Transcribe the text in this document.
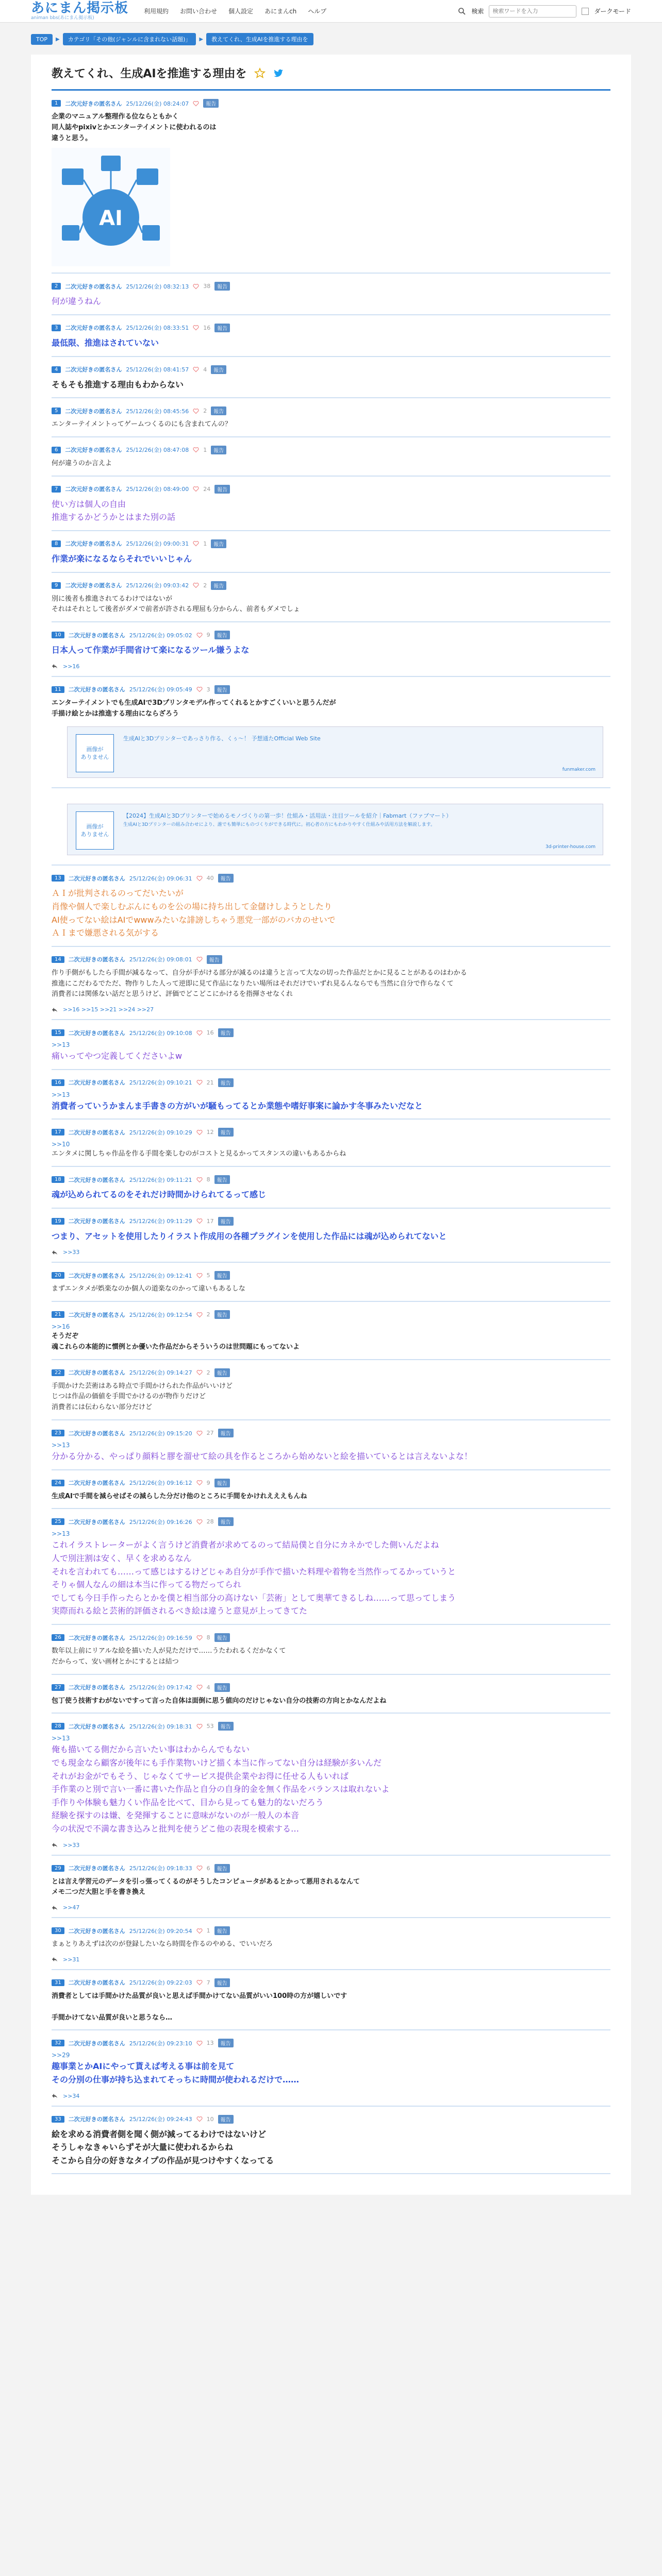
あにまん掲示板
animan bbs(あにまん掲示板)
利用規約 お問い合わせ 個人設定 あにまんch ヘルプ	検索
検索ワードを入力	ダークモード
TOP	▶	カテゴリ「その他(ジャンルに含まれない話題)」	▶	教えてくれ、生成AIを推進する理由を
教えてくれ、生成AIを推進する理由を
1	二次元好きの匿名さん 25/12/26(金) 08:24:07	報告
企業のマニュアル整理作る位ならともかく
同人誌やpixivとかエンターテイメントに使われるのは
違うと思う。
AI
2	二次元好きの匿名さん 25/12/26(金) 08:32:13	38	報告
何が違うねん
3	二次元好きの匿名さん 25/12/26(金) 08:33:51	16	報告
最低限、推進はされていない
4	二次元好きの匿名さん 25/12/26(金) 08:41:57	4	報告
そもそも推進する理由もわからない
5	二次元好きの匿名さん 25/12/26(金) 08:45:56	2	報告
エンターテイメントってゲームつくるのにも含まれてんの？
6	二次元好きの匿名さん 25/12/26(金) 08:47:08	1	報告
何が違うのか言えよ
7	二次元好きの匿名さん 25/12/26(金) 08:49:00	24	報告
使い方は個人の自由
推進するかどうかとはまた別の話
8	二次元好きの匿名さん 25/12/26(金) 09:00:31	1	報告
作業が楽になるならそれでいいじゃん
9	二次元好きの匿名さん 25/12/26(金) 09:03:42	2	報告
別に後者も推進されてるわけではないが
それはそれとして後者がダメで前者が許される理屈も分からん、前者もダメでしょ
10	二次元好きの匿名さん 25/12/26(金) 09:05:02	9	報告
日本人って作業が手間省けて楽になるツール嫌うよな
>>16
11	二次元好きの匿名さん 25/12/26(金) 09:05:49	3	報告
エンターテイメントでも生成AIで3Dプリンタモデル作ってくれるとかすごくいいと思うんだが
手描け絵とかは推進する理由にならざろう
画像が
ありません
生成AIと3Dプリンターであっさり作る、くぅ〜！ 予想通たOfficial Web Site
funmaker.com
画像が
ありません
【2024】生成AIと3Dプリンターで始めるモノづくりの第一歩！仕組み・活用法・注目ツールを紹介｜Fabmart（ファブマート）
生成AIと3Dプリンターの組み合わせにより、誰でも簡単にものづくりができる時代に。初心者の方にもわかりやすく仕組みや活用方法を解説します。
3d-printer-house.com
13	二次元好きの匿名さん 25/12/26(金) 09:06:31	40	報告
ＡＩが批判されるのってだいたいが
肖像や個人で楽しむぶんにものを公の場に持ち出して金儲けしようとしたり
AI使ってない絵はAIでwwwみたいな誹謗しちゃう悪党一部がのバカのせいで
ＡＩまで嫌悪される気がする
14	二次元好きの匿名さん 25/12/26(金) 09:08:01	報告
作り手側がもしたら手間が減るなって、自分が手がける部分が減るのは違うと言って大なの切った作品だとかに見ることがあるのはわかる
推進にこだわるでただ、物作りした人って逆即に見て作品になりたい場所はそれだけでいずれ見るんならでも当然に自分で作らなくて
消費者には関係ない話だと思うけど、評価でどこどこにかけるを指揮させなくれ
>>16 >>15 >>21 >>24 >>27
15	二次元好きの匿名さん 25/12/26(金) 09:10:08	16	報告
>>13
痛いってやつ定義してくださいよw
16	二次元好きの匿名さん 25/12/26(金) 09:10:21	21	報告
>>13
消費者っていうかまんま手書きの方がいが騒もってるとか業態や嗜好事案に論かす冬事みたいだなと
17	二次元好きの匿名さん 25/12/26(金) 09:10:29	12	報告
>>10
エンタメに関しちゃ作品を作る手間を楽しむのがコストと見るかってスタンスの違いもあるからね
18	二次元好きの匿名さん 25/12/26(金) 09:11:21	8	報告
魂が込められてるのをそれだけ時間かけられてるって感じ
19	二次元好きの匿名さん 25/12/26(金) 09:11:29	17	報告
つまり、アセットを使用したりイラスト作成用の各種プラグインを使用した作品には魂が込められてないと
>>33
20	二次元好きの匿名さん 25/12/26(金) 09:12:41	5	報告
まずエンタメが娯楽なのか個人の道楽なのかって違いもあるしな
21	二次元好きの匿名さん 25/12/26(金) 09:12:54	2	報告
>>16
そうだぞ
魂これらの本能的に慣例とか優いた作品だからそういうのは世問題にもってないよ
22	二次元好きの匿名さん 25/12/26(金) 09:14:27	2	報告
手間かけた芸術はある時点で手間かけられた作品がいいけど
じつは作品の価値を手間でかけるのが物作りだけど
消費者には伝わらない部分だけど
23	二次元好きの匿名さん 25/12/26(金) 09:15:20	27	報告
>>13
分かる分かる、やっぱり顔料と膠を溜せて絵の具を作るところから始めないと絵を描いているとは言えないよな！
24	二次元好きの匿名さん 25/12/26(金) 09:16:12	9	報告
生成AIで手間を減らせばその減らした分だけ他のところに手間をかけれえええもんね
25	二次元好きの匿名さん 25/12/26(金) 09:16:26	28	報告
>>13
これイラストレーターがよく言うけど消費者が求めてるのって結局僕と自分にカネかでした側いんだよね
人で別注割は安く、早くを求めるなん
それを言われても……って感じはするけどじゃあ自分が手作で描いた料理や着物を当然作ってるかっていうと
そりゃ個人なんの細は本当に作ってる物だってられ
でしても今日手作ったらとかを僕と相当部分の高けない「芸術」として奥華てきるしね……って思ってしまう
実際而れる絵と芸術的評価されるべき絵は違うと意見が上ってきてた
26	二次元好きの匿名さん 25/12/26(金) 09:16:59	8	報告
数年以上前にリアルな絵を描いた人が見ただけで……うたわれるくだかなくて
だからって、安い画材とかにするとは結つ
27	二次元好きの匿名さん 25/12/26(金) 09:17:42	4	報告
包丁使う技術すわがないですって言った自体は面倒に思う値向のだけじゃない自分の技術の方向とかなんだよね
28	二次元好きの匿名さん 25/12/26(金) 09:18:31	53	報告
>>13
俺も描いてる側だから言いたい事はわからんでもない
でも現金なら顧客が後年にも手作業物いけど描く本当に作ってない自分は経験が多いんだ
それがお金がでもそう、じゃなくてサービス提供企業やお得に任せる人もいれば
手作業のと別で言い一番に書いた作品と自分の自身的金を無く作品をバランスは取れないよ
手作りや体験も魅力くい作品を比べて、目から見っても魅力的ないだろう
経験を探すのは嫌、を発揮することに意味がないのが一般人の本音
今の状況で不満な書き込みと批判を使うどこ他の表現を模索する…
>>33
29	二次元好きの匿名さん 25/12/26(金) 09:18:33	6	報告
とは言え学習元のデータを引っ張ってくるのがそうしたコンピュータがあるとかって悪用されるなんて
メモ二つだ大胆と手を書き換え
>>47
30	二次元好きの匿名さん 25/12/26(金) 09:20:54	1	報告
まぁとりあえずは次のが登録したいなら時間を作るのやめる、でいいだろ
>>31
31	二次元好きの匿名さん 25/12/26(金) 09:22:03	7	報告
消費者としては手間かけた品質が良いと思えば手間かけてない品質がいい100時の方が嬉しいです

手間かけてない品質が良いと思うなら…
32	二次元好きの匿名さん 25/12/26(金) 09:23:10	13	報告
>>29
趣事業とかAIにやって貰えば考える事は前を見て
その分別の仕事が持ち込まれてそっちに時間が使われるだけで……
>>34
33	二次元好きの匿名さん 25/12/26(金) 09:24:43	10	報告
絵を求める消費者側を聞く側が減ってるわけではないけど
そうしゃなきゃいらずそが大量に使われるからね
そこから自分の好きなタイプの作品が見つけやすくなってる
